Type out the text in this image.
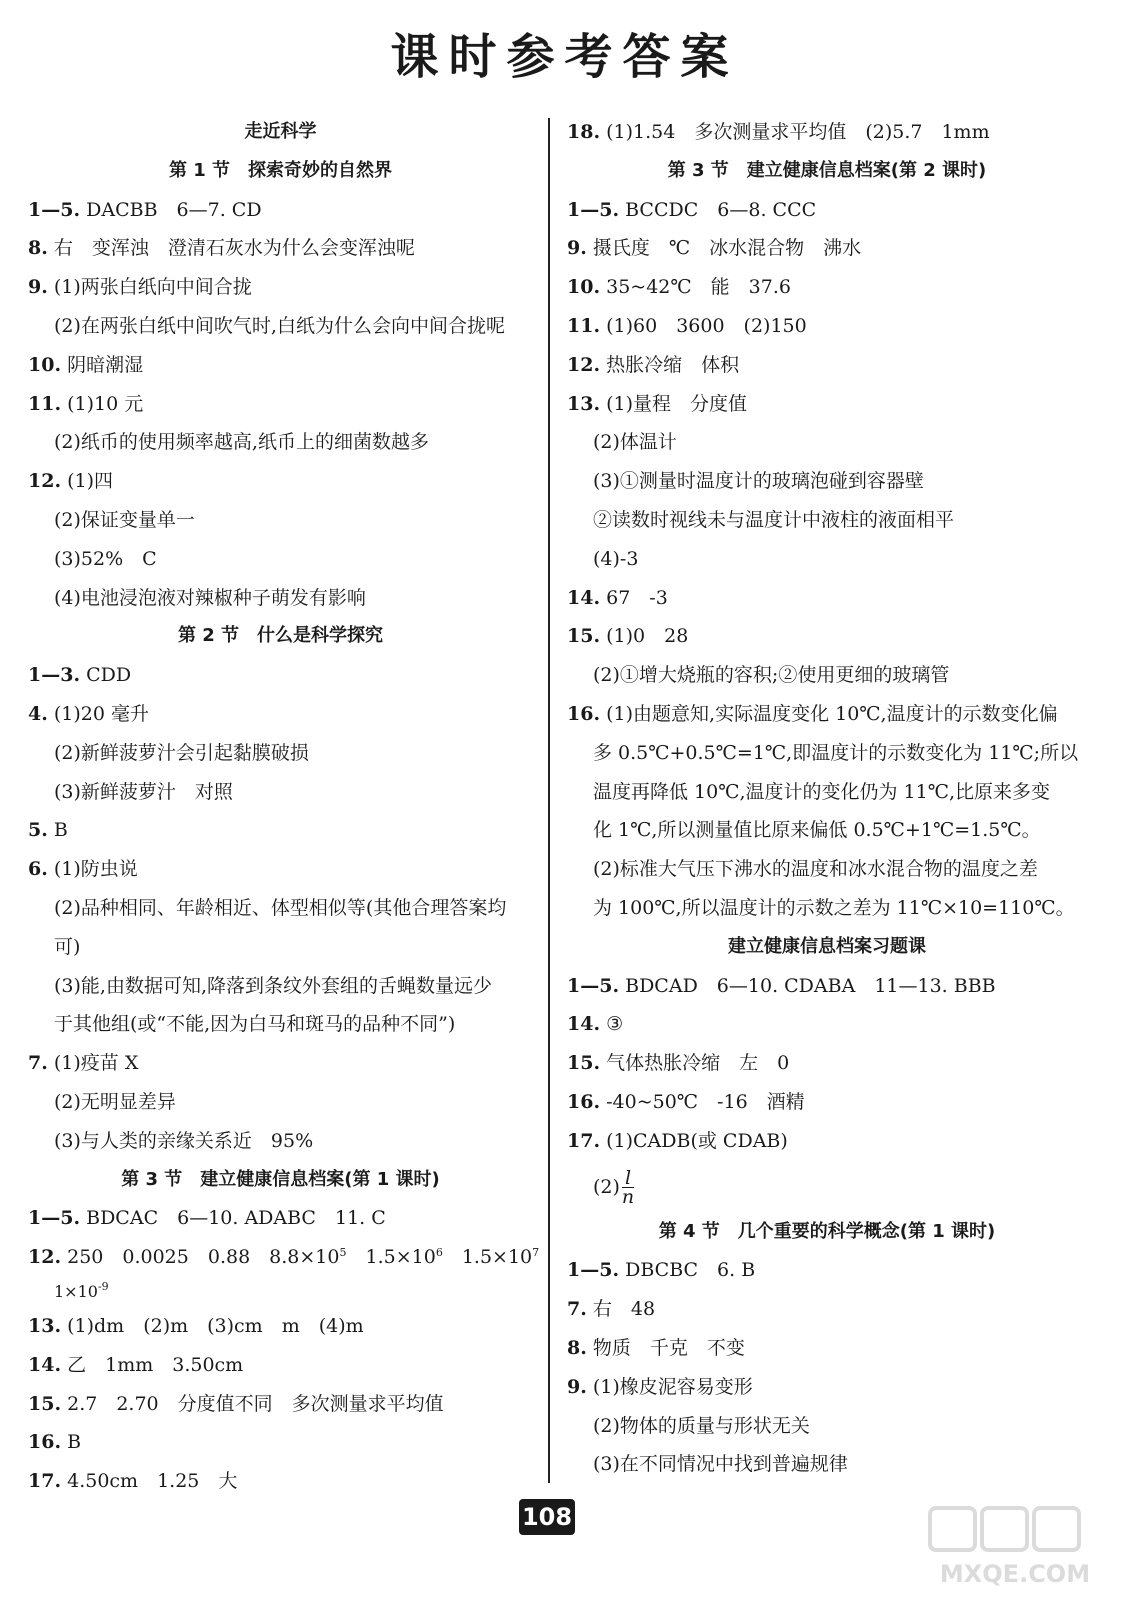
课时参考答案
走近科学
第 1 节　探索奇妙的自然界
1—5. DACBB　6—7. CD
8. 右　变浑浊　澄清石灰水为什么会变浑浊呢
9. (1)两张白纸向中间合拢
(2)在两张白纸中间吹气时,白纸为什么会向中间合拢呢
10. 阴暗潮湿
11. (1)10 元
(2)纸币的使用频率越高,纸币上的细菌数越多
12. (1)四
(2)保证变量单一
(3)52%　C
(4)电池浸泡液对辣椒种子萌发有影响
第 2 节　什么是科学探究
1—3. CDD
4. (1)20 毫升
(2)新鲜菠萝汁会引起黏膜破损
(3)新鲜菠萝汁　对照
5. B
6. (1)防虫说
(2)品种相同、年龄相近、体型相似等(其他合理答案均
可)
(3)能,由数据可知,降落到条纹外套组的舌蝇数量远少
于其他组(或“不能,因为白马和斑马的品种不同”)
7. (1)疫苗 X
(2)无明显差异
(3)与人类的亲缘关系近　95%
第 3 节　建立健康信息档案(第 1 课时)
1—5. BDCAC　6—10. ADABC　11. C
12. 250　0.0025　0.88　$8.8\times 10^5$　$1.5\times 10^6$　$1.5\times 10^7$
$1\times 10^{-9}$
13. (1)dm　(2)m　(3)cm　m　(4)m
14. 乙　1mm　3.50cm
15. 2.7　2.70　分度值不同　多次测量求平均值
16. B
17. 4.50cm　1.25　大
18. (1)1.54　多次测量求平均值　(2)5.7　1mm
第 3 节　建立健康信息档案(第 2 课时)
1—5. BCCDC　6—8. CCC
9. 摄氏度　℃　冰水混合物　沸水
10. 35~42℃　能　37.6
11. (1)60　3600　(2)150
12. 热胀冷缩　体积
13. (1)量程　分度值
(2)体温计
(3)①测量时温度计的玻璃泡碰到容器壁
②读数时视线未与温度计中液柱的液面相平
(4)-3
14. 67　-3
15. (1)0　28
(2)①增大烧瓶的容积;②使用更细的玻璃管
16. (1)由题意知,实际温度变化 10℃,温度计的示数变化偏
多 0.5℃+0.5℃=1℃,即温度计的示数变化为 11℃;所以
温度再降低 10℃,温度计的变化仍为 11℃,比原来多变
化 1℃,所以测量值比原来偏低 0.5℃+1℃=1.5℃。
(2)标准大气压下沸水的温度和冰水混合物的温度之差
为 100℃,所以温度计的示数之差为 11℃×10=110℃。
建立健康信息档案习题课
1—5. BDCAD　6—10. CDABA　11—13. BBB
14. ③
15. 气体热胀冷缩　左　0
16. -40~50℃　-16　酒精
17. (1)CADB(或 CDAB)
$(2) \frac{l}{n}$
第 4 节　几个重要的科学概念(第 1 课时)
1—5. DBCBC　6. B
7. 右　48
8. 物质　千克　不变
9. (1)橡皮泥容易变形
(2)物体的质量与形状无关
(3)在不同情况中找到普遍规律
108
MXQE.COM
